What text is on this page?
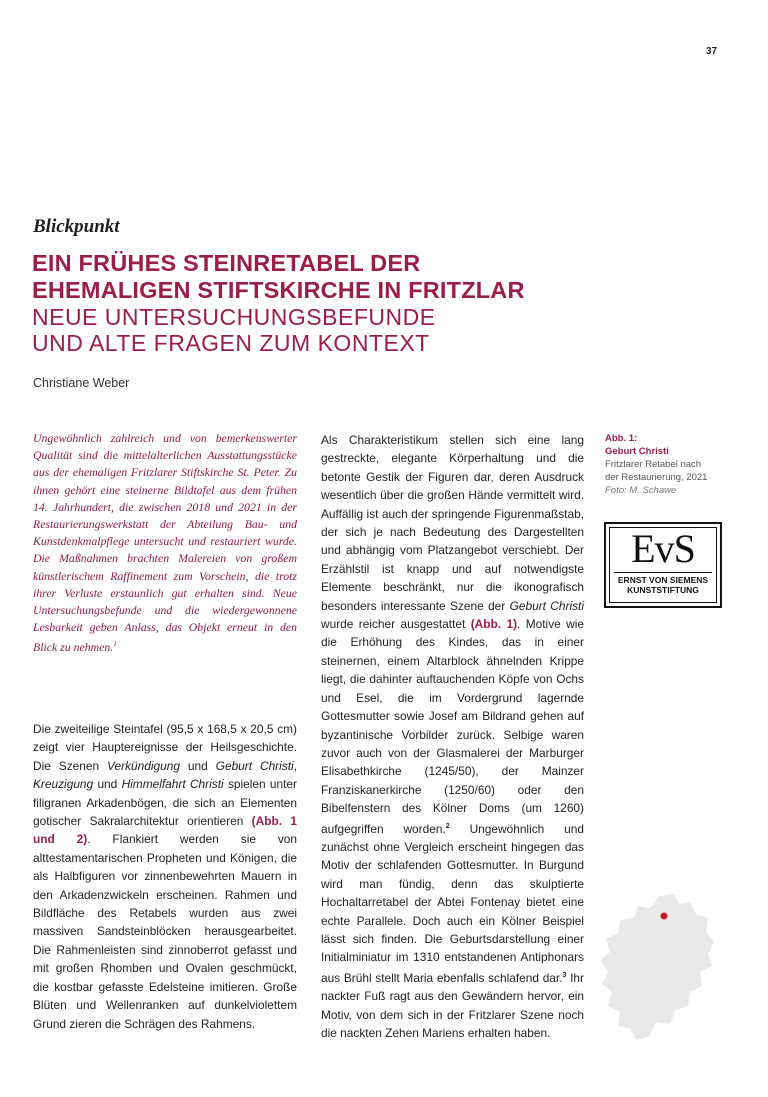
37
Blickpunkt
EIN FRÜHES STEINRETABEL DER
EHEMALIGEN STIFTSKIRCHE IN FRITZLAR
NEUE UNTERSUCHUNGSBEFUNDE
UND ALTE FRAGEN ZUM KONTEXT
Christiane Weber

Ungewöhnlich zahlreich und von bemerkenswerter Qualität sind die mittelalterlichen Ausstattungsstücke aus der ehemaligen Fritzlarer Stiftskirche St. Peter. Zu ihnen gehört eine steinerne Bildtafel aus dem frühen 14. Jahrhundert, die zwischen 2018 und 2021 in der Restaurierungswerkstatt der Abteilung Bau- und Kunstdenkmalpflege untersucht und restauriert wurde. Die Maßnahmen brachten Malereien von großem künstlerischem Raffinement zum Vorschein, die trotz ihrer Verluste erstaunlich gut erhalten sind. Neue Untersuchungsbefunde und die wiedergewonnene Lesbarkeit geben Anlass, das Objekt erneut in den Blick zu nehmen.$^1$

Die zweiteilige Steintafel (95,5 x 168,5 x 20,5 cm) zeigt vier Hauptereignisse der Heilsgeschichte. Die Szenen Verkündigung und Geburt Christi, Kreuzigung und Himmelfahrt Christi spielen unter filigranen Arkadenbögen, die sich an Elementen gotischer Sakralarchitektur orientieren (Abb. 1 und 2). Flankiert werden sie von alttestamentarischen Propheten und Königen, die als Halbfiguren vor zinnenbewehrten Mauern in den Arkadenzwickeln erscheinen. Rahmen und Bildfläche des Retabels wurden aus zwei massiven Sandsteinblöcken herausgearbeitet. Die Rahmenleisten sind zinnoberrot gefasst und mit großen Rhomben und Ovalen geschmückt, die kostbar gefasste Edelsteine imitieren. Große Blüten und Wellenranken auf dunkelviolettem Grund zieren die Schrägen des Rahmens.

Als Charakteristikum stellen sich eine lang gestreckte, elegante Körperhaltung und die betonte Gestik der Figuren dar, deren Ausdruck wesentlich über die großen Hände vermittelt wird. Auffällig ist auch der springende Figurenmaßstab, der sich je nach Bedeutung des Dargestellten und abhängig vom Platzangebot verschiebt. Der Erzählstil ist knapp und auf notwendigste Elemente beschränkt, nur die ikonografisch besonders interessante Szene der Geburt Christi wurde reicher ausgestattet (Abb. 1). Motive wie die Erhöhung des Kindes, das in einer steinernen, einem Altarblock ähnelnden Krippe liegt, die dahinter auftauchenden Köpfe von Ochs und Esel, die im Vordergrund lagernde Gottesmutter sowie Josef am Bildrand gehen auf byzantinische Vorbilder zurück. Selbige waren zuvor auch von der Glasmalerei der Marburger Elisabethkirche (1245/50), der Mainzer Franziskanerkirche (1250/60) oder den Bibelfenstern des Kölner Doms (um 1260) aufgegriffen worden.$^2$ Ungewöhnlich und zunächst ohne Vergleich erscheint hingegen das Motiv der schlafenden Gottesmutter. In Burgund wird man fündig, denn das skulptierte Hochaltarretabel der Abtei Fontenay bietet eine echte Parallele. Doch auch ein Kölner Beispiel lässt sich finden. Die Geburtsdarstellung einer Initialminiatur im 1310 entstandenen Antiphonars aus Brühl stellt Maria ebenfalls schlafend dar.$^3$ Ihr nackter Fuß ragt aus den Gewändern hervor, ein Motiv, von dem sich in der Fritzlarer Szene noch die nackten Zehen Mariens erhalten haben.

Abb. 1:
Geburt Christi
Fritzlarer Retabel nach
der Restaurierung, 2021
Foto: M. Schawe
EvS
ERNST VON SIEMENS
KUNSTSTIFTUNG
